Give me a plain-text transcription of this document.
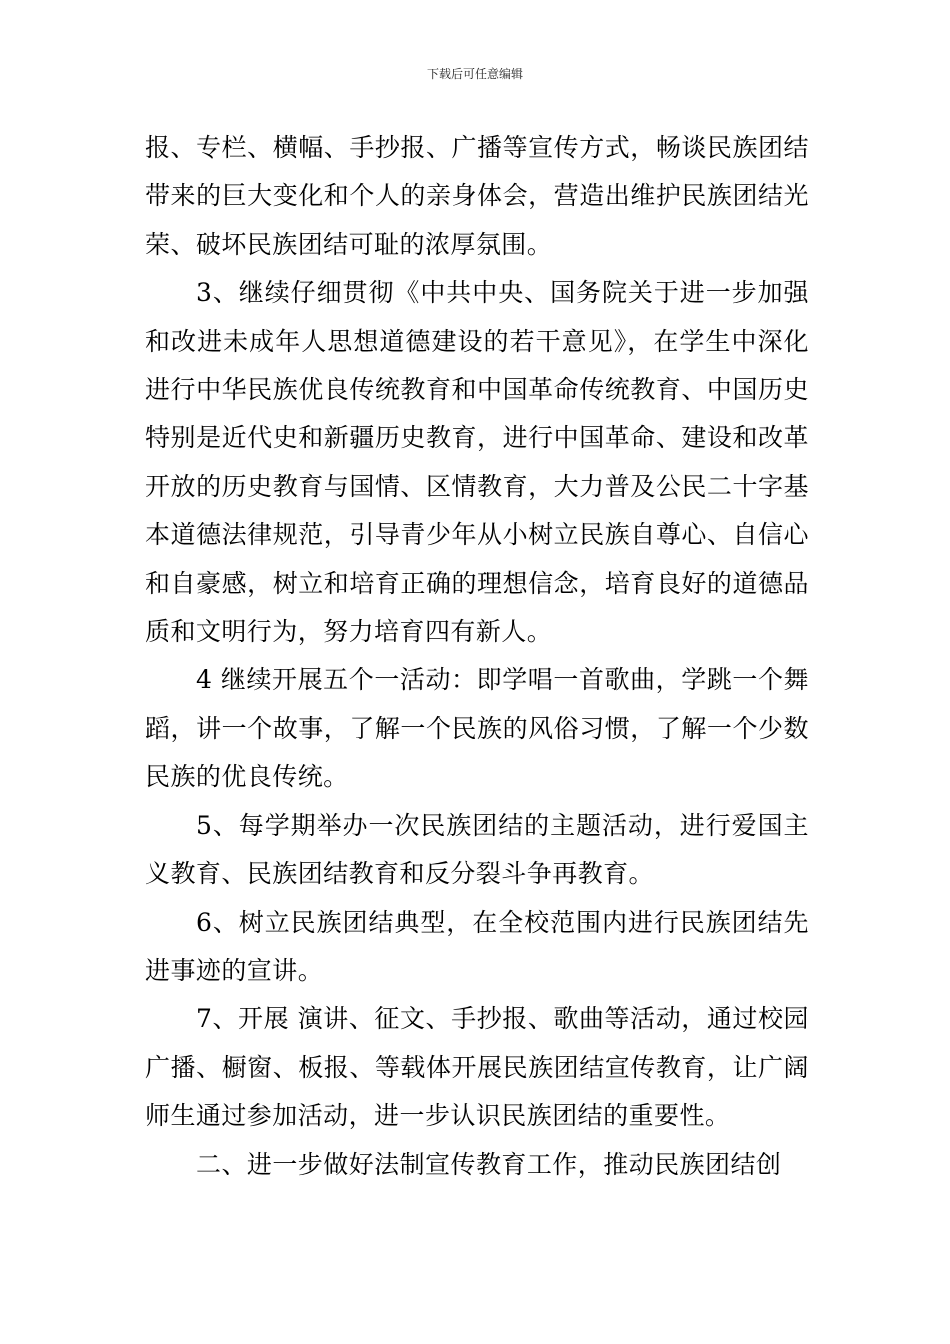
下载后可任意编辑

报、专栏、横幅、手抄报、广播等宣传方式，畅谈民族团结带来的巨大变化和个人的亲身体会，营造出维护民族团结光荣、破坏民族团结可耻的浓厚氛围。

3、继续仔细贯彻《中共中央、国务院关于进一步加强和改进未成年人思想道德建设的若干意见》，在学生中深化进行中华民族优良传统教育和中国革命传统教育、中国历史特别是近代史和新疆历史教育，进行中国革命、建设和改革开放的历史教育与国情、区情教育，大力普及公民二十字基本道德法律规范，引导青少年从小树立民族自尊心、自信心和自豪感，树立和培育正确的理想信念，培育良好的道德品质和文明行为，努力培育四有新人。

4 继续开展五个一活动：即学唱一首歌曲，学跳一个舞蹈，讲一个故事，了解一个民族的风俗习惯，了解一个少数民族的优良传统。

5、每学期举办一次民族团结的主题活动，进行爱国主义教育、民族团结教育和反分裂斗争再教育。

6、树立民族团结典型，在全校范围内进行民族团结先进事迹的宣讲。

7、开展 演讲、征文、手抄报、歌曲等活动，通过校园广播、橱窗、板报、等载体开展民族团结宣传教育，让广阔师生通过参加活动，进一步认识民族团结的重要性。

二、进一步做好法制宣传教育工作，推动民族团结创
